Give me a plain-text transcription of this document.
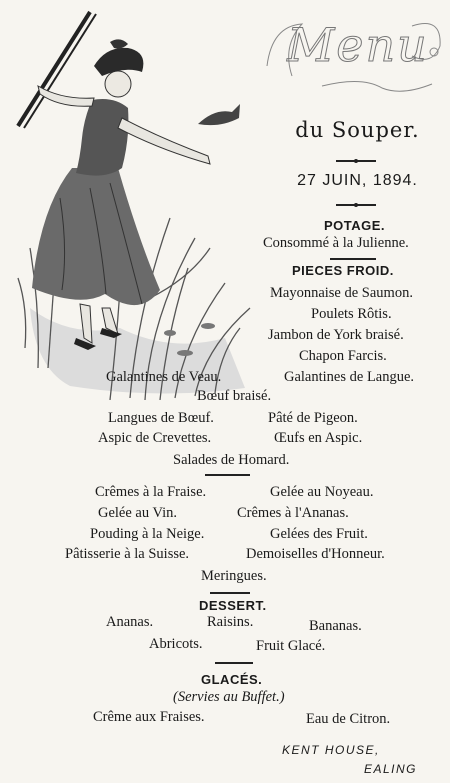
Menu
du Souper.
27 JUIN, 1894.
POTAGE.
Consommé à la Julienne.
PIECES FROID.
Mayonnaise de Saumon.
Poulets Rôtis.
Jambon de York braisé.
Chapon Farcis.
Galantines de Veau.	Galantines de Langue.
Bœuf braisé.
Langues de Bœuf.	Pâté de Pigeon.
Aspic de Crevettes.	Œufs en Aspic.
Salades de Homard.
Crêmes à la Fraise.	Gelée au Noyeau.
Gelée au Vin.	Crêmes à l'Ananas.
Pouding à la Neige.	Gelées des Fruit.
Pâtisserie à la Suisse.	Demoiselles d'Honneur.
Meringues.
DESSERT.
Ananas.	Raisins.	Bananas.
Abricots.	Fruit Glacé.
GLACÉS.
(Servies au Buffet.)
Crême aux Fraises.	Eau de Citron.
KENT HOUSE,
EALING
